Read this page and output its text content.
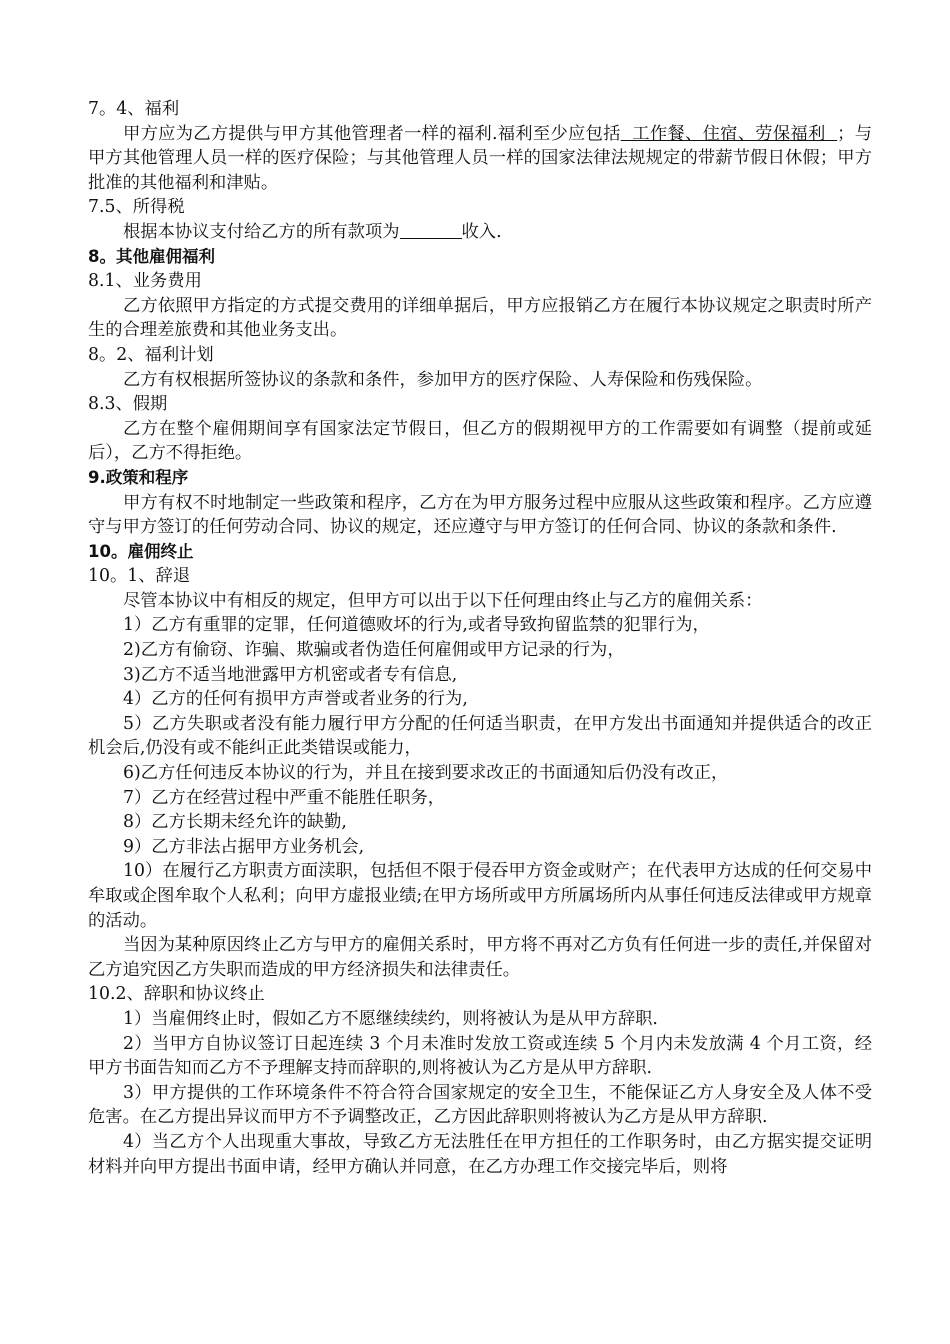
7。4、福利

甲方应为乙方提供与甲方其他管理者一样的福利.福利至少应包括  工作餐、住宿、劳保福利  ；与甲方其他管理人员一样的医疗保险；与其他管理人员一样的国家法律法规规定的带薪节假日休假；甲方批准的其他福利和津贴。

7.5、所得税

根据本协议支付给乙方的所有款项为	收入.

8。其他雇佣福利

8.1、业务费用

乙方依照甲方指定的方式提交费用的详细单据后，甲方应报销乙方在履行本协议规定之职责时所产生的合理差旅费和其他业务支出。

8。2、福利计划

乙方有权根据所签协议的条款和条件，参加甲方的医疗保险、人寿保险和伤残保险。

8.3、假期

乙方在整个雇佣期间享有国家法定节假日，但乙方的假期视甲方的工作需要如有调整（提前或延后），乙方不得拒绝。

9.政策和程序

甲方有权不时地制定一些政策和程序，乙方在为甲方服务过程中应服从这些政策和程序。乙方应遵守与甲方签订的任何劳动合同、协议的规定，还应遵守与甲方签订的任何合同、协议的条款和条件.

10。雇佣终止

10。1、辞退

尽管本协议中有相反的规定，但甲方可以出于以下任何理由终止与乙方的雇佣关系：

1）乙方有重罪的定罪，任何道德败坏的行为,或者导致拘留监禁的犯罪行为，

2)乙方有偷窃、诈骗、欺骗或者伪造任何雇佣或甲方记录的行为，

3)乙方不适当地泄露甲方机密或者专有信息,

4）乙方的任何有损甲方声誉或者业务的行为,

5）乙方失职或者没有能力履行甲方分配的任何适当职责，在甲方发出书面通知并提供适合的改正机会后,仍没有或不能纠正此类错误或能力，

6)乙方任何违反本协议的行为，并且在接到要求改正的书面通知后仍没有改正，

7）乙方在经营过程中严重不能胜任职务，

8）乙方长期未经允许的缺勤,

9）乙方非法占据甲方业务机会,

10）在履行乙方职责方面渎职，包括但不限于侵吞甲方资金或财产；在代表甲方达成的任何交易中牟取或企图牟取个人私利；向甲方虚报业绩;在甲方场所或甲方所属场所内从事任何违反法律或甲方规章的活动。

当因为某种原因终止乙方与甲方的雇佣关系时，甲方将不再对乙方负有任何进一步的责任,并保留对乙方追究因乙方失职而造成的甲方经济损失和法律责任。

10.2、辞职和协议终止

1）当雇佣终止时，假如乙方不愿继续续约，则将被认为是从甲方辞职.

2）当甲方自协议签订日起连续 3 个月未准时发放工资或连续 5 个月内未发放满 4 个月工资，经甲方书面告知而乙方不予理解支持而辞职的,则将被认为乙方是从甲方辞职.

3）甲方提供的工作环境条件不符合符合国家规定的安全卫生，不能保证乙方人身安全及人体不受危害。在乙方提出异议而甲方不予调整改正，乙方因此辞职则将被认为乙方是从甲方辞职.

4）当乙方个人出现重大事故，导致乙方无法胜任在甲方担任的工作职务时，由乙方据实提交证明材料并向甲方提出书面申请，经甲方确认并同意，在乙方办理工作交接完毕后，则将
